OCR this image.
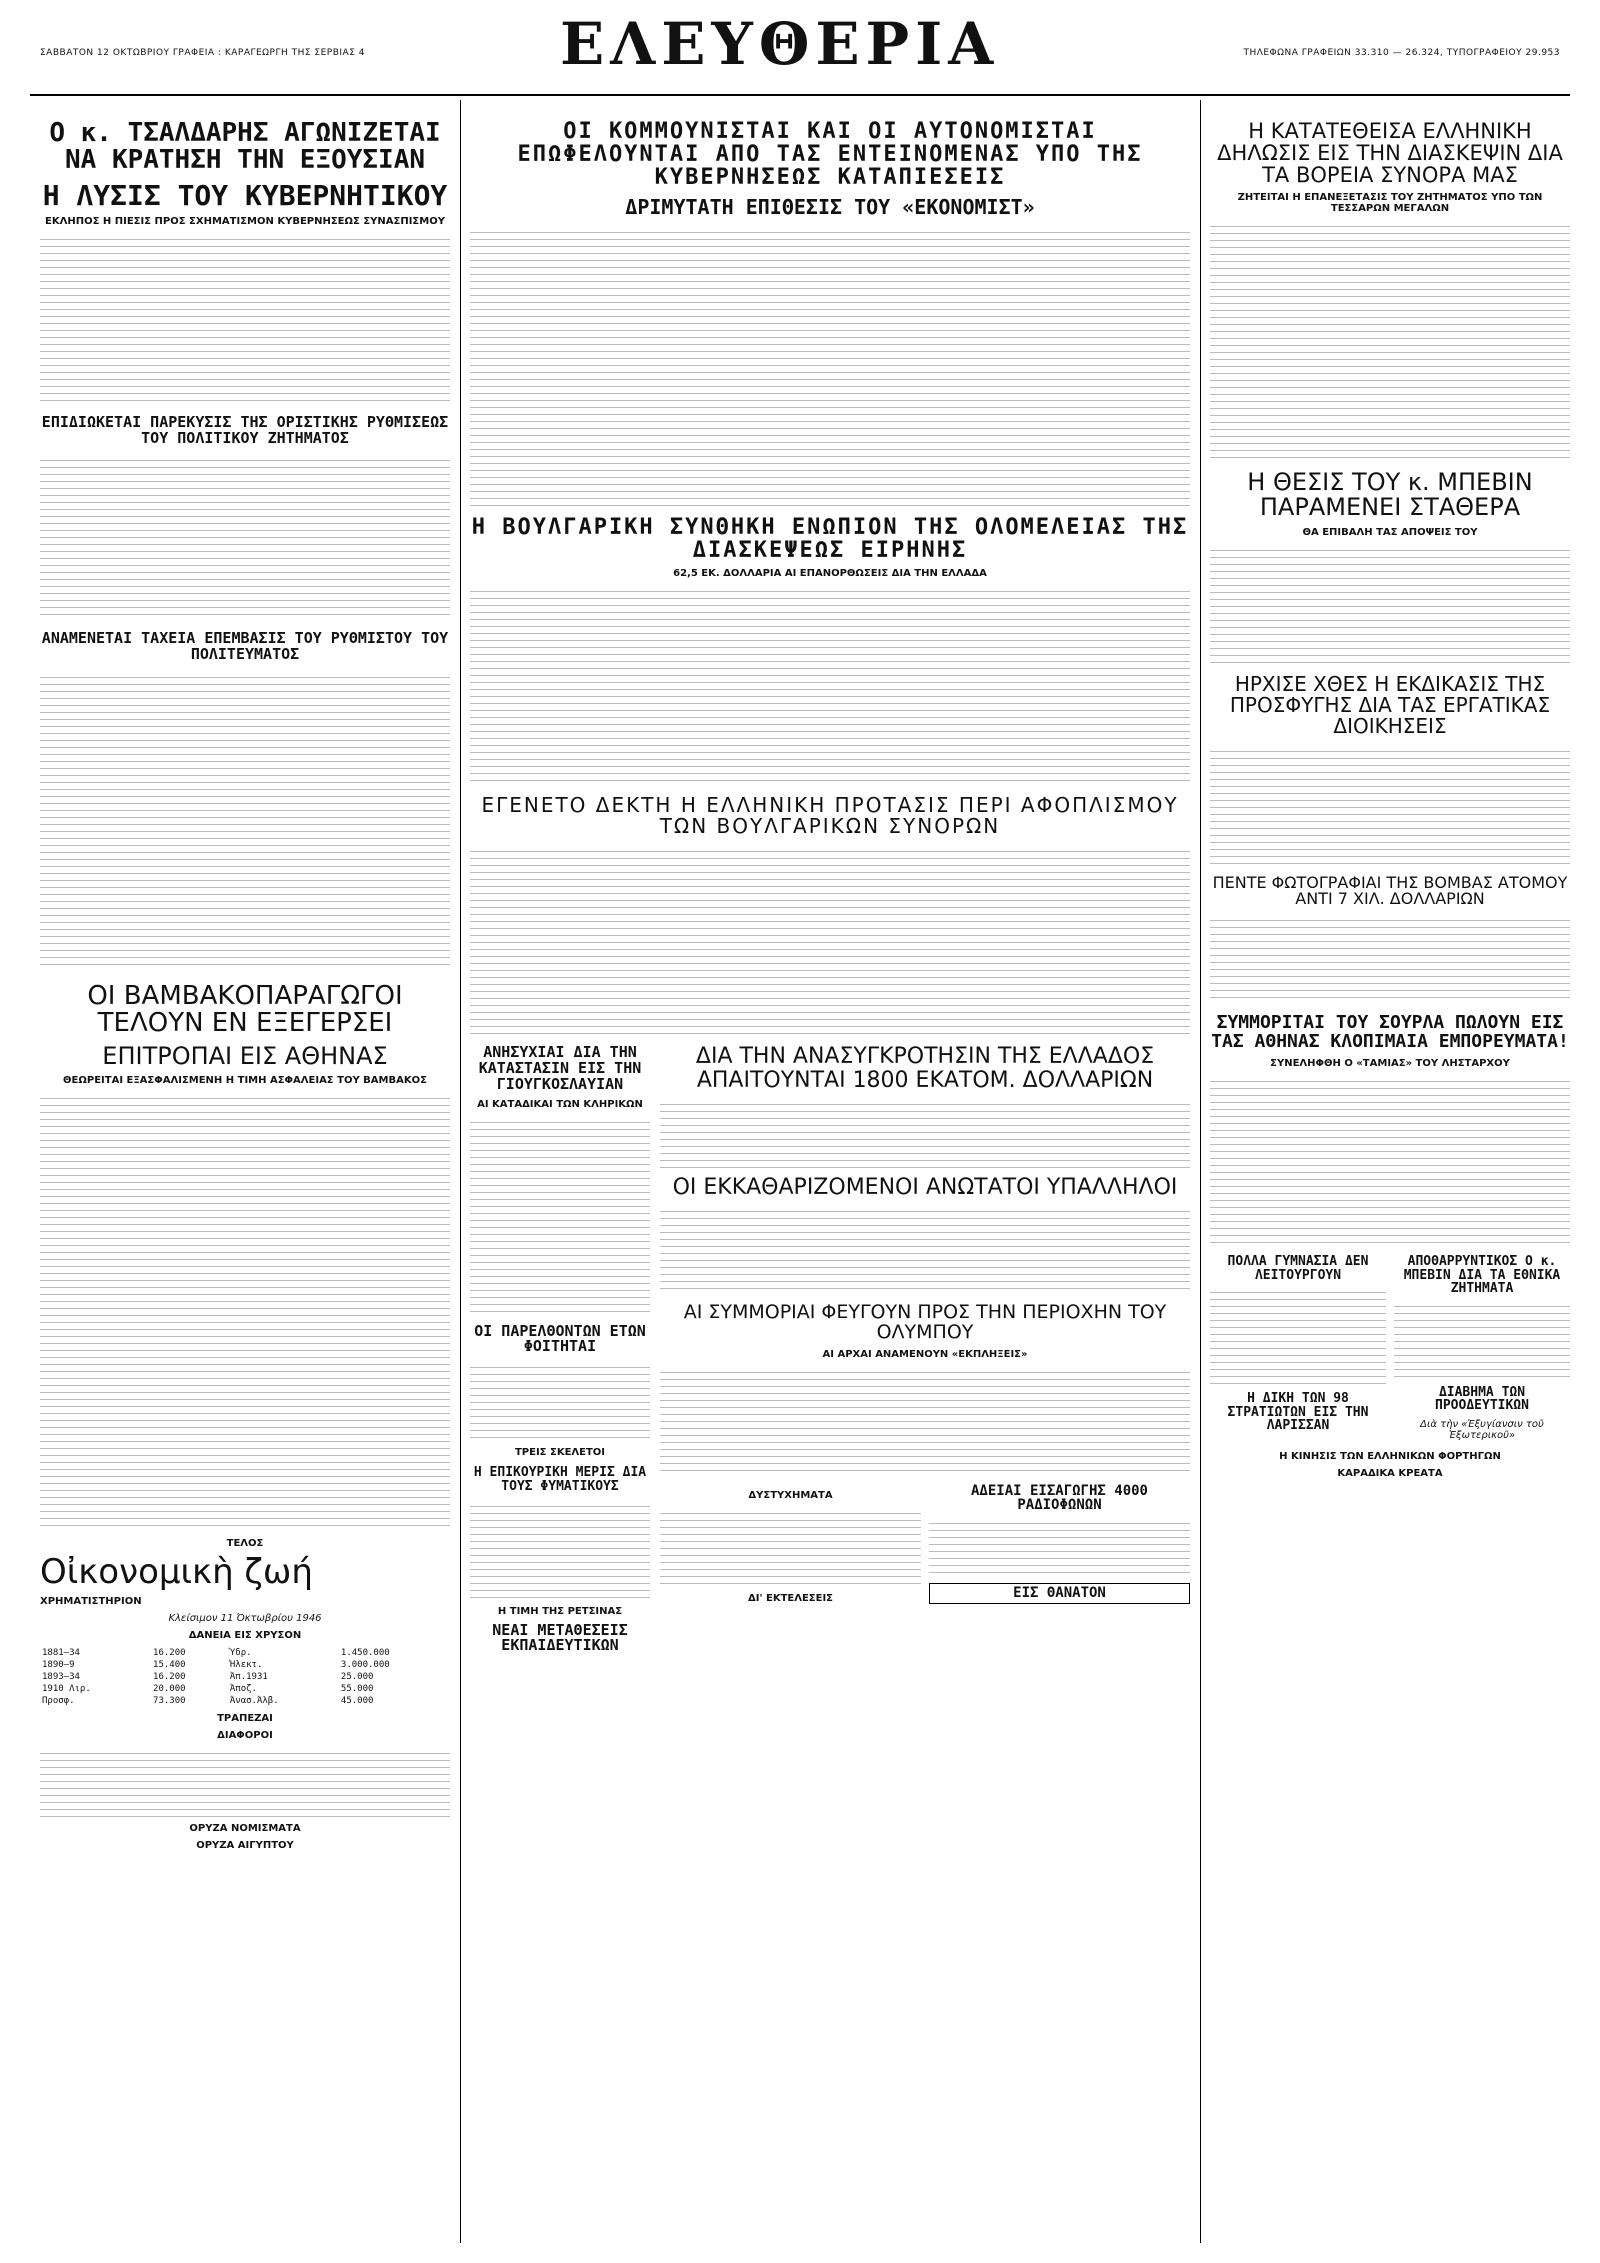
ΣΑΒΒΑΤΟΝ 12 ΟΚΤΩΒΡΙΟΥ ΓΡΑΦΕΙΑ : ΚΑΡΑΓΕΩΡΓΗ ΤΗΣ ΣΕΡΒΙΑΣ 4	ΕΛΕΥΘΕΡΙΑ	ΤΗΛΕΦΩΝΑ ΓΡΑΦΕΙΩΝ 33.310 — 26.324, ΤΥΠΟΓΡΑΦΕΙΟΥ 29.953
Ο κ. ΤΣΑΛΔΑΡΗΣ ΑΓΩΝΙΖΕΤΑΙ ΝΑ ΚΡΑΤΗΣΗ ΤΗΝ ΕΞΟΥΣΙΑΝ
Η ΛΥΣΙΣ ΤΟΥ ΚΥΒΕΡΝΗΤΙΚΟΥ
ΕΚΛΗΠΟΣ Η ΠΙΕΣΙΣ ΠΡΟΣ ΣΧΗΜΑΤΙΣΜΟΝ ΚΥΒΕΡΝΗΣΕΩΣ ΣΥΝΑΣΠΙΣΜΟΥ
ΕΠΙΔΙΩΚΕΤΑΙ ΠΑΡΕΚΥΣΙΣ ΤΗΣ ΟΡΙΣΤΙΚΗΣ ΡΥΘΜΙΣΕΩΣ ΤΟΥ ΠΟΛΙΤΙΚΟΥ ΖΗΤΗΜΑΤΟΣ
ΑΝΑΜΕΝΕΤΑΙ ΤΑΧΕΙΑ ΕΠΕΜΒΑΣΙΣ ΤΟΥ ΡΥΘΜΙΣΤΟΥ ΤΟΥ ΠΟΛΙΤΕΥΜΑΤΟΣ
ΟΙ ΒΑΜΒΑΚΟΠΑΡΑΓΩΓΟΙ ΤΕΛΟΥΝ ΕΝ ΕΞΕΓΕΡΣΕΙ
ΕΠΙΤΡΟΠΑΙ ΕΙΣ ΑΘΗΝΑΣ
ΘΕΩΡΕΙΤΑΙ ΕΞΑΣΦΑΛΙΣΜΕΝΗ Η ΤΙΜΗ ΑΣΦΑΛΕΙΑΣ ΤΟΥ ΒΑΜΒΑΚΟΣ
ΤΕΛΟΣ
Οἰκονομικὴ ζωή
ΧΡΗΜΑΤΙΣΤΗΡΙΟΝ
Κλείσιμον 11 Ὀκτωβρίου 1946
ΔΑΝΕΙΑ ΕΙΣ ΧΡΥΣΟΝ
1881—34	16.200	Ὑδρ.	1.450.000
1890—9	15.400	Ἡλεκτ.	3.000.000
1893—34	16.200	Ἀπ.1931	25.000
1910 Λιρ.	20.000	Ἀποζ.	55.000
Προσφ.	73.300	Ἀνασ.Ἀλβ.	45.000
ΤΡΑΠΕΖΑΙ
ΔΙΑΦΟΡΟΙ
ΟΡΥΖΑ ΝΟΜΙΣΜΑΤΑ
ΟΡΥΖΑ ΑΙΓΥΠΤΟΥ
ΟΙ ΚΟΜΜΟΥΝΙΣΤΑΙ ΚΑΙ ΟΙ ΑΥΤΟΝΟΜΙΣΤΑΙ ΕΠΩΦΕΛΟΥΝΤΑΙ ΑΠΟ ΤΑΣ ΕΝΤΕΙΝΟΜΕΝΑΣ ΥΠΟ ΤΗΣ ΚΥΒΕΡΝΗΣΕΩΣ ΚΑΤΑΠΙΕΣΕΙΣ
ΔΡΙΜΥΤΑΤΗ ΕΠΙΘΕΣΙΣ ΤΟΥ «ΕΚΟΝΟΜΙΣΤ»
Η ΒΟΥΛΓΑΡΙΚΗ ΣΥΝΘΗΚΗ ΕΝΩΠΙΟΝ ΤΗΣ ΟΛΟΜΕΛΕΙΑΣ ΤΗΣ ΔΙΑΣΚΕΨΕΩΣ ΕΙΡΗΝΗΣ
62,5 ΕΚ. ΔΟΛΛΑΡΙΑ ΑΙ ΕΠΑΝΟΡΘΩΣΕΙΣ ΔΙΑ ΤΗΝ ΕΛΛΑΔΑ
ΕΓΕΝΕΤΟ ΔΕΚΤΗ Η ΕΛΛΗΝΙΚΗ ΠΡΟΤΑΣΙΣ ΠΕΡΙ ΑΦΟΠΛΙΣΜΟΥ ΤΩΝ ΒΟΥΛΓΑΡΙΚΩΝ ΣΥΝΟΡΩΝ
ΑΝΗΣΥΧΙΑΙ ΔΙΑ ΤΗΝ ΚΑΤΑΣΤΑΣΙΝ ΕΙΣ ΤΗΝ ΓΙΟΥΓΚΟΣΛΑΥΙΑΝ
ΑΙ ΚΑΤΑΔΙΚΑΙ ΤΩΝ ΚΛΗΡΙΚΩΝ
ΟΙ ΠΑΡΕΛΘΟΝΤΩΝ ΕΤΩΝ ΦΟΙΤΗΤΑΙ
ΤΡΕΙΣ ΣΚΕΛΕΤΟΙ
Η ΕΠΙΚΟΥΡΙΚΗ ΜΕΡΙΣ ΔΙΑ ΤΟΥΣ ΦΥΜΑΤΙΚΟΥΣ
Η ΤΙΜΗ ΤΗΣ ΡΕΤΣΙΝΑΣ
ΝΕΑΙ ΜΕΤΑΘΕΣΕΙΣ ΕΚΠΑΙΔΕΥΤΙΚΩΝ
ΔΙΑ ΤΗΝ ΑΝΑΣΥΓΚΡΟΤΗΣΙΝ ΤΗΣ ΕΛΛΑΔΟΣ ΑΠΑΙΤΟΥΝΤΑΙ 1800 ΕΚΑΤΟΜ. ΔΟΛΛΑΡΙΩΝ
ΟΙ ΕΚΚΑΘΑΡΙΖΟΜΕΝΟΙ ΑΝΩΤΑΤΟΙ ΥΠΑΛΛΗΛΟΙ
ΑΙ ΣΥΜΜΟΡΙΑΙ ΦΕΥΓΟΥΝ ΠΡΟΣ ΤΗΝ ΠΕΡΙΟΧΗΝ ΤΟΥ ΟΛΥΜΠΟΥ
ΑΙ ΑΡΧΑΙ ΑΝΑΜΕΝΟΥΝ «ΕΚΠΛΗΞΕΙΣ»
ΔΥΣΤΥΧΗΜΑΤΑ
ΔΙ' ΕΚΤΕΛΕΣΕΙΣ
ΑΔΕΙΑΙ ΕΙΣΑΓΩΓΗΣ 4000 ΡΑΔΙΟΦΩΝΩΝ
ΕΙΣ ΘΑΝΑΤΟΝ
Η ΚΑΤΑΤΕΘΕΙΣΑ ΕΛΛΗΝΙΚΗ ΔΗΛΩΣΙΣ ΕΙΣ ΤΗΝ ΔΙΑΣΚΕΨΙΝ ΔΙΑ ΤΑ ΒΟΡΕΙΑ ΣΥΝΟΡΑ ΜΑΣ
ΖΗΤΕΙΤΑΙ Η ΕΠΑΝΕΞΕΤΑΣΙΣ ΤΟΥ ΖΗΤΗΜΑΤΟΣ ΥΠΟ ΤΩΝ ΤΕΣΣΑΡΩΝ ΜΕΓΑΛΩΝ
Η ΘΕΣΙΣ ΤΟΥ κ. ΜΠΕΒΙΝ ΠΑΡΑΜΕΝΕΙ ΣΤΑΘΕΡΑ
ΘΑ ΕΠΙΒΑΛΗ ΤΑΣ ΑΠΟΨΕΙΣ ΤΟΥ
ΗΡΧΙΣΕ ΧΘΕΣ Η ΕΚΔΙΚΑΣΙΣ ΤΗΣ ΠΡΟΣΦΥΓΗΣ ΔΙΑ ΤΑΣ ΕΡΓΑΤΙΚΑΣ ΔΙΟΙΚΗΣΕΙΣ
ΠΕΝΤΕ ΦΩΤΟΓΡΑΦΙΑΙ ΤΗΣ ΒΟΜΒΑΣ ΑΤΟΜΟΥ ΑΝΤΙ 7 ΧΙΛ. ΔΟΛΛΑΡΙΩΝ
ΣΥΜΜΟΡΙΤΑΙ ΤΟΥ ΣΟΥΡΛΑ ΠΩΛΟΥΝ ΕΙΣ ΤΑΣ ΑΘΗΝΑΣ ΚΛΟΠΙΜΑΙΑ ΕΜΠΟΡΕΥΜΑΤΑ!
ΣΥΝΕΛΗΦΘΗ Ο «ΤΑΜΙΑΣ» ΤΟΥ ΛΗΣΤΑΡΧΟΥ
ΠΟΛΛΑ ΓΥΜΝΑΣΙΑ ΔΕΝ ΛΕΙΤΟΥΡΓΟΥΝ
Η ΔΙΚΗ ΤΩΝ 98 ΣΤΡΑΤΙΩΤΩΝ ΕΙΣ ΤΗΝ ΛΑΡΙΣΣΑΝ
ΑΠΟΘΑΡΡΥΝΤΙΚΟΣ Ο κ. ΜΠΕΒΙΝ ΔΙΑ ΤΑ ΕΘΝΙΚΑ ΖΗΤΗΜΑΤΑ
ΔΙΑΒΗΜΑ ΤΩΝ ΠΡΟΟΔΕΥΤΙΚΩΝ
Διὰ τὴν «Ἐξυγίανσιν τοῦ Ἐξωτερικοῦ»
Η ΚΙΝΗΣΙΣ ΤΩΝ ΕΛΛΗΝΙΚΩΝ ΦΟΡΤΗΓΩΝ
ΚΑΡΑΔΙΚΑ ΚΡΕΑΤΑ
